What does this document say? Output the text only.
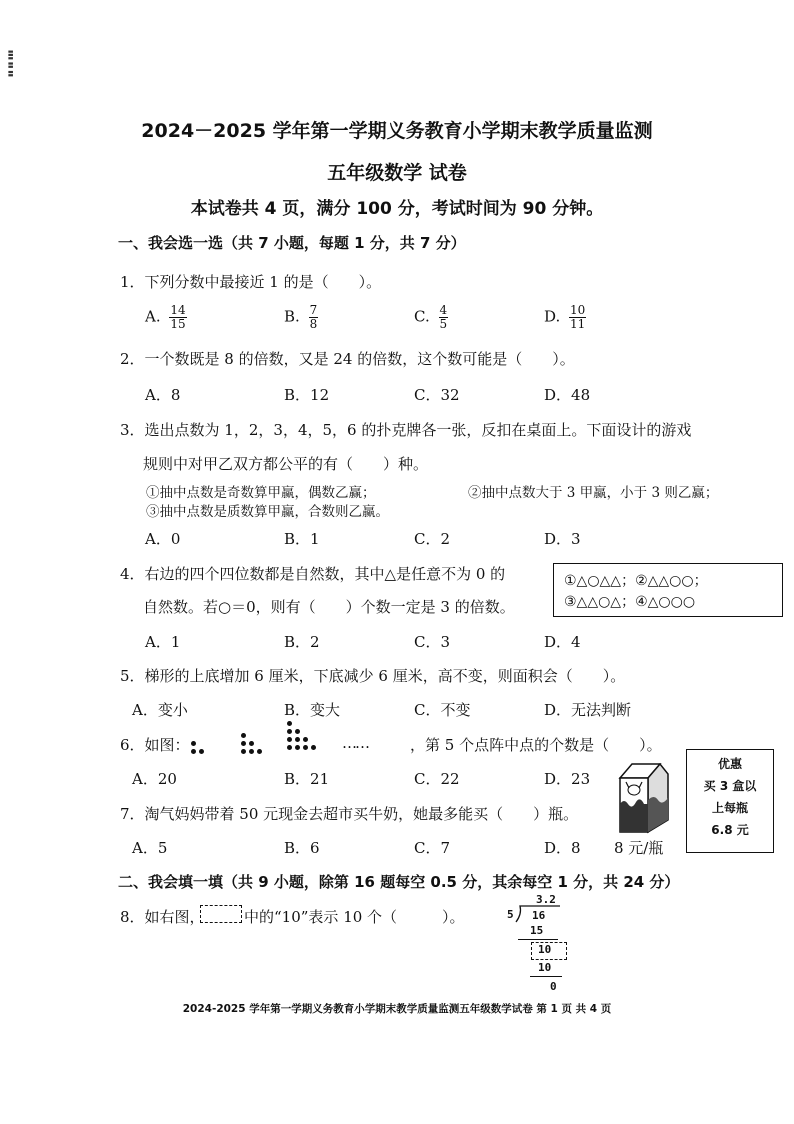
▮▮▮ ▮▮ ▮▮
2024－2025 学年第一学期义务教育小学期末教学质量监测
五年级数学 试卷
本试卷共 4 页，满分 100 分，考试时间为 90 分钟。
一、我会选一选（共 7 小题，每题 1 分，共 7 分）
1．下列分数中最接近 1 的是（　　）。
A. $\frac{14}{15}$	B. $\frac{7}{8}$	C. $\frac{4}{5}$	D. $\frac{10}{11}$
2．一个数既是 8 的倍数，又是 24 的倍数，这个数可能是（　　）。
A．8	B．12	C．32	D．48
3．选出点数为 1，2，3，4，5，6 的扑克牌各一张，反扣在桌面上。下面设计的游戏
规则中对甲乙双方都公平的有（　　）种。
①抽中点数是奇数算甲赢，偶数乙赢；	②抽中点数大于 3 甲赢，小于 3 则乙赢；
③抽中点数是质数算甲赢，合数则乙赢。
A．0	B．1	C．2	D．3
4．右边的四个四位数都是自然数，其中△是任意不为 0 的
自然数。若○＝0，则有（　　）个数一定是 3 的倍数。
①△○△△；②△△○○；
③△△○△；④△○○○
A．1	B．2	C．3	D．4
5．梯形的上底增加 6 厘米，下底减少 6 厘米，高不变，则面积会（　　）。
A．变小	B．变大	C．不变	D．无法判断
6．如图：	……	，第 5 个点阵中点的个数是（　　）。
A．20	B．21	C．22	D．23
7．淘气妈妈带着 50 元现金去超市买牛奶，她最多能买（　　）瓶。
A．5	B．6	C．7	D．8 8 元/瓶
优惠
买 3 盒以
上每瓶
6.8 元
二、我会填一填（共 9 小题，除第 16 题每空 0.5 分，其余每空 1 分，共 24 分）
8．如右图，	中的“10”表示 10 个（　　　）。
3.2
5 16
15
10
10
0
2024-2025 学年第一学期义务教育小学期末教学质量监测五年级数学试卷 第 1 页 共 4 页
